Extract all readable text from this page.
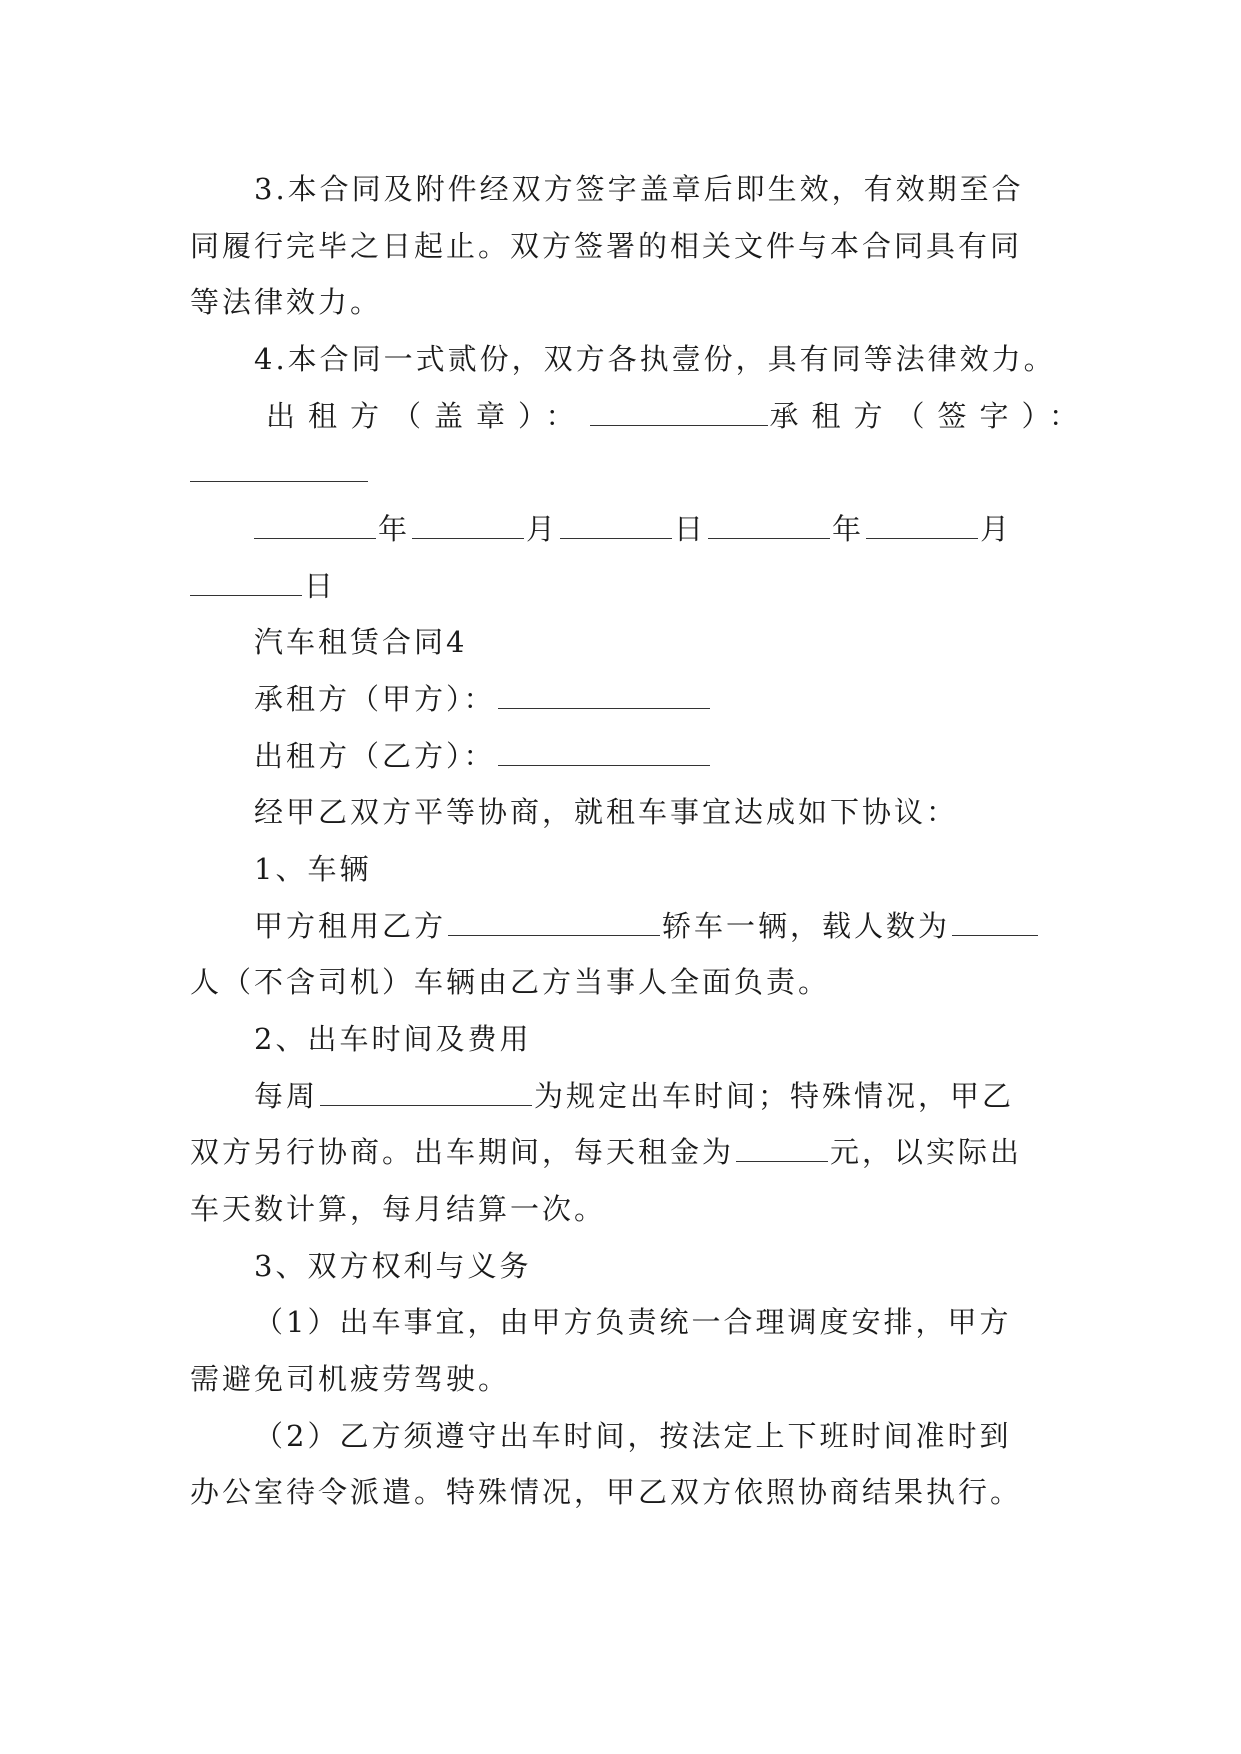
3.本合同及附件经双方签字盖章后即生效，有效期至合
同履行完毕之日起止。双方签署的相关文件与本合同具有同
等法律效力。
4.本合同一式贰份，双方各执壹份，具有同等法律效力。
出租方（盖章）：	承租方（签字）：
年	月	日	年	月
日
汽车租赁合同4
承租方（甲方）：
出租方（乙方）：
经甲乙双方平等协商，就租车事宜达成如下协议：
1、车辆
甲方租用乙方	轿车一辆，载人数为
人（不含司机）车辆由乙方当事人全面负责。
2、出车时间及费用
每周	为规定出车时间；特殊情况，甲乙
双方另行协商。出车期间，每天租金为	元，以实际出
车天数计算，每月结算一次。
3、双方权利与义务
（1）出车事宜，由甲方负责统一合理调度安排，甲方
需避免司机疲劳驾驶。
（2）乙方须遵守出车时间，按法定上下班时间准时到
办公室待令派遣。特殊情况，甲乙双方依照协商结果执行。
